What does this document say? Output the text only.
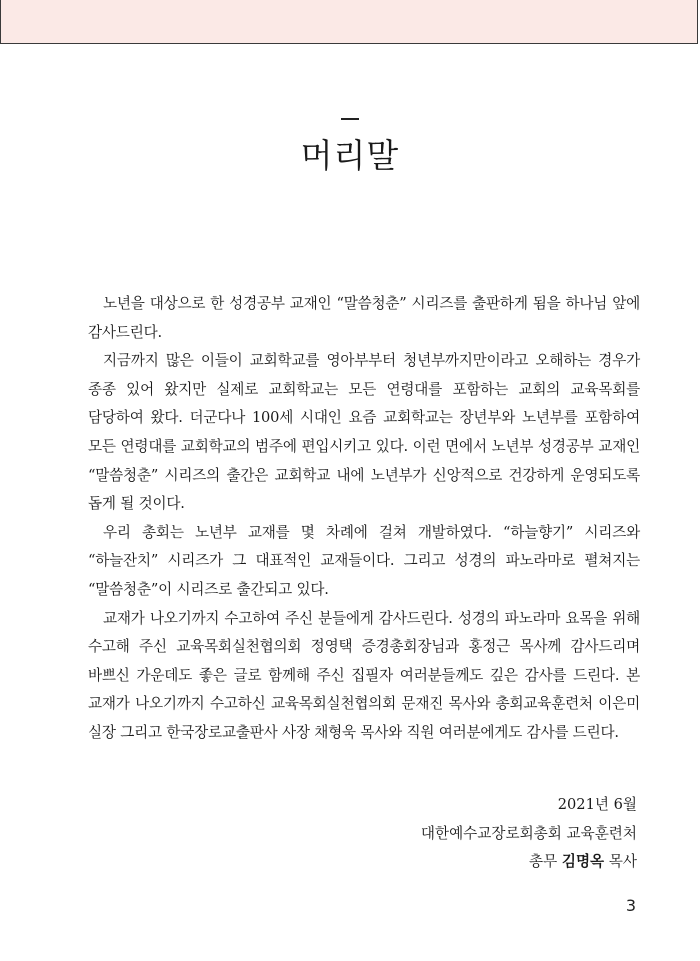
머리말

노년을 대상으로 한 성경공부 교재인 “말씀청춘” 시리즈를 출판하게 됨을 하나님 앞에 감사드린다.

지금까지 많은 이들이 교회학교를 영아부부터 청년부까지만이라고 오해하는 경우가 종종 있어 왔지만 실제로 교회학교는 모든 연령대를 포함하는 교회의 교육목회를 담당하여 왔다. 더군다나 100세 시대인 요즘 교회학교는 장년부와 노년부를 포함하여 모든 연령대를 교회학교의 범주에 편입시키고 있다. 이런 면에서 노년부 성경공부 교재인 “말씀청춘” 시리즈의 출간은 교회학교 내에 노년부가 신앙적으로 건강하게 운영되도록 돕게 될 것이다.

우리 총회는 노년부 교재를 몇 차례에 걸쳐 개발하였다. “하늘향기” 시리즈와 “하늘잔치” 시리즈가 그 대표적인 교재들이다. 그리고 성경의 파노라마로 펼쳐지는 “말씀청춘”이 시리즈로 출간되고 있다.

교재가 나오기까지 수고하여 주신 분들에게 감사드린다. 성경의 파노라마 요목을 위해 수고해 주신 교육목회실천협의회 정영택 증경총회장님과 홍정근 목사께 감사드리며 바쁘신 가운데도 좋은 글로 함께해 주신 집필자 여러분들께도 깊은 감사를 드린다. 본 교재가 나오기까지 수고하신 교육목회실천협의회 문재진 목사와 총회교육훈련처 이은미 실장 그리고 한국장로교출판사 사장 채형욱 목사와 직원 여러분에게도 감사를 드린다.

2021년 6월
대한예수교장로회총회 교육훈련처
총무 김명옥 목사
3
